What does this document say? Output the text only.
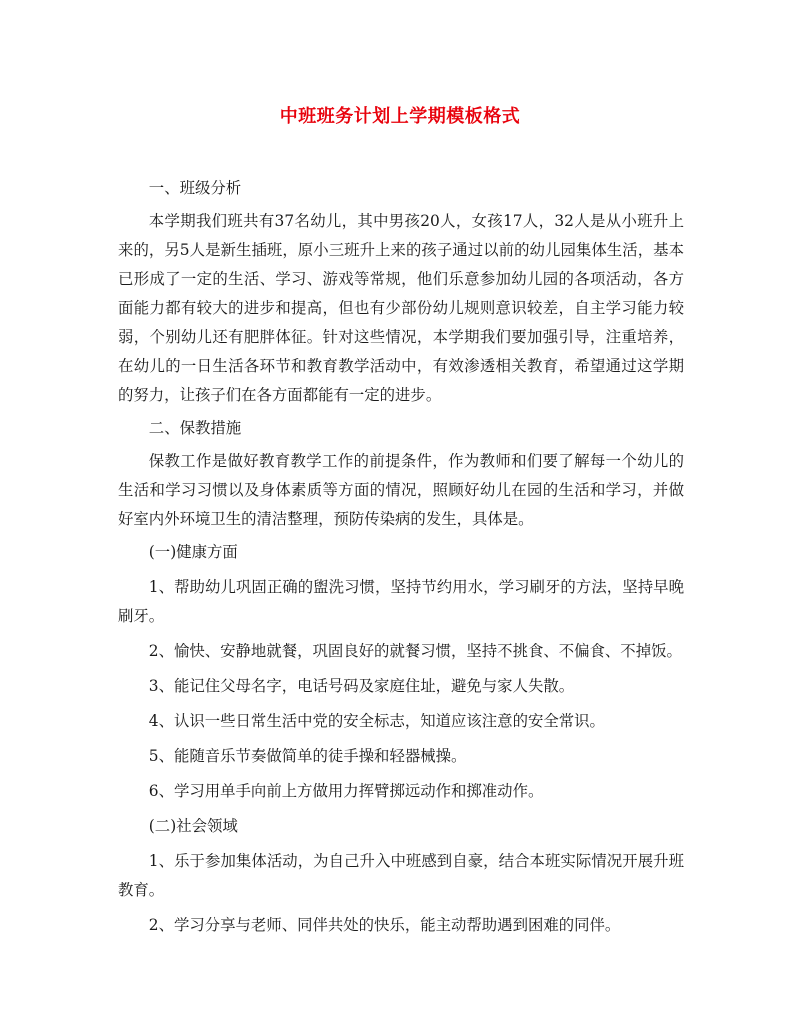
中班班务计划上学期模板格式

一、班级分析

本学期我们班共有37名幼儿，其中男孩20人，女孩17人，32人是从小班升上来的，另5人是新生插班，原小三班升上来的孩子通过以前的幼儿园集体生活，基本已形成了一定的生活、学习、游戏等常规，他们乐意参加幼儿园的各项活动，各方面能力都有较大的进步和提高，但也有少部份幼儿规则意识较差，自主学习能力较弱，个别幼儿还有肥胖体征。针对这些情况，本学期我们要加强引导，注重培养，在幼儿的一日生活各环节和教育教学活动中，有效渗透相关教育，希望通过这学期的努力，让孩子们在各方面都能有一定的进步。

二、保教措施

保教工作是做好教育教学工作的前提条件，作为教师和们要了解每一个幼儿的生活和学习习惯以及身体素质等方面的情况，照顾好幼儿在园的生活和学习，并做好室内外环境卫生的清洁整理，预防传染病的发生，具体是。

(一)健康方面

1、帮助幼儿巩固正确的盥洗习惯，坚持节约用水，学习刷牙的方法，坚持早晚刷牙。

2、愉快、安静地就餐，巩固良好的就餐习惯，坚持不挑食、不偏食、不掉饭。

3、能记住父母名字，电话号码及家庭住址，避免与家人失散。

4、认识一些日常生活中党的安全标志，知道应该注意的安全常识。

5、能随音乐节奏做简单的徒手操和轻器械操。

6、学习用单手向前上方做用力挥臂掷远动作和掷准动作。

(二)社会领域

1、乐于参加集体活动，为自己升入中班感到自豪，结合本班实际情况开展升班教育。

2、学习分享与老师、同伴共处的快乐，能主动帮助遇到困难的同伴。
